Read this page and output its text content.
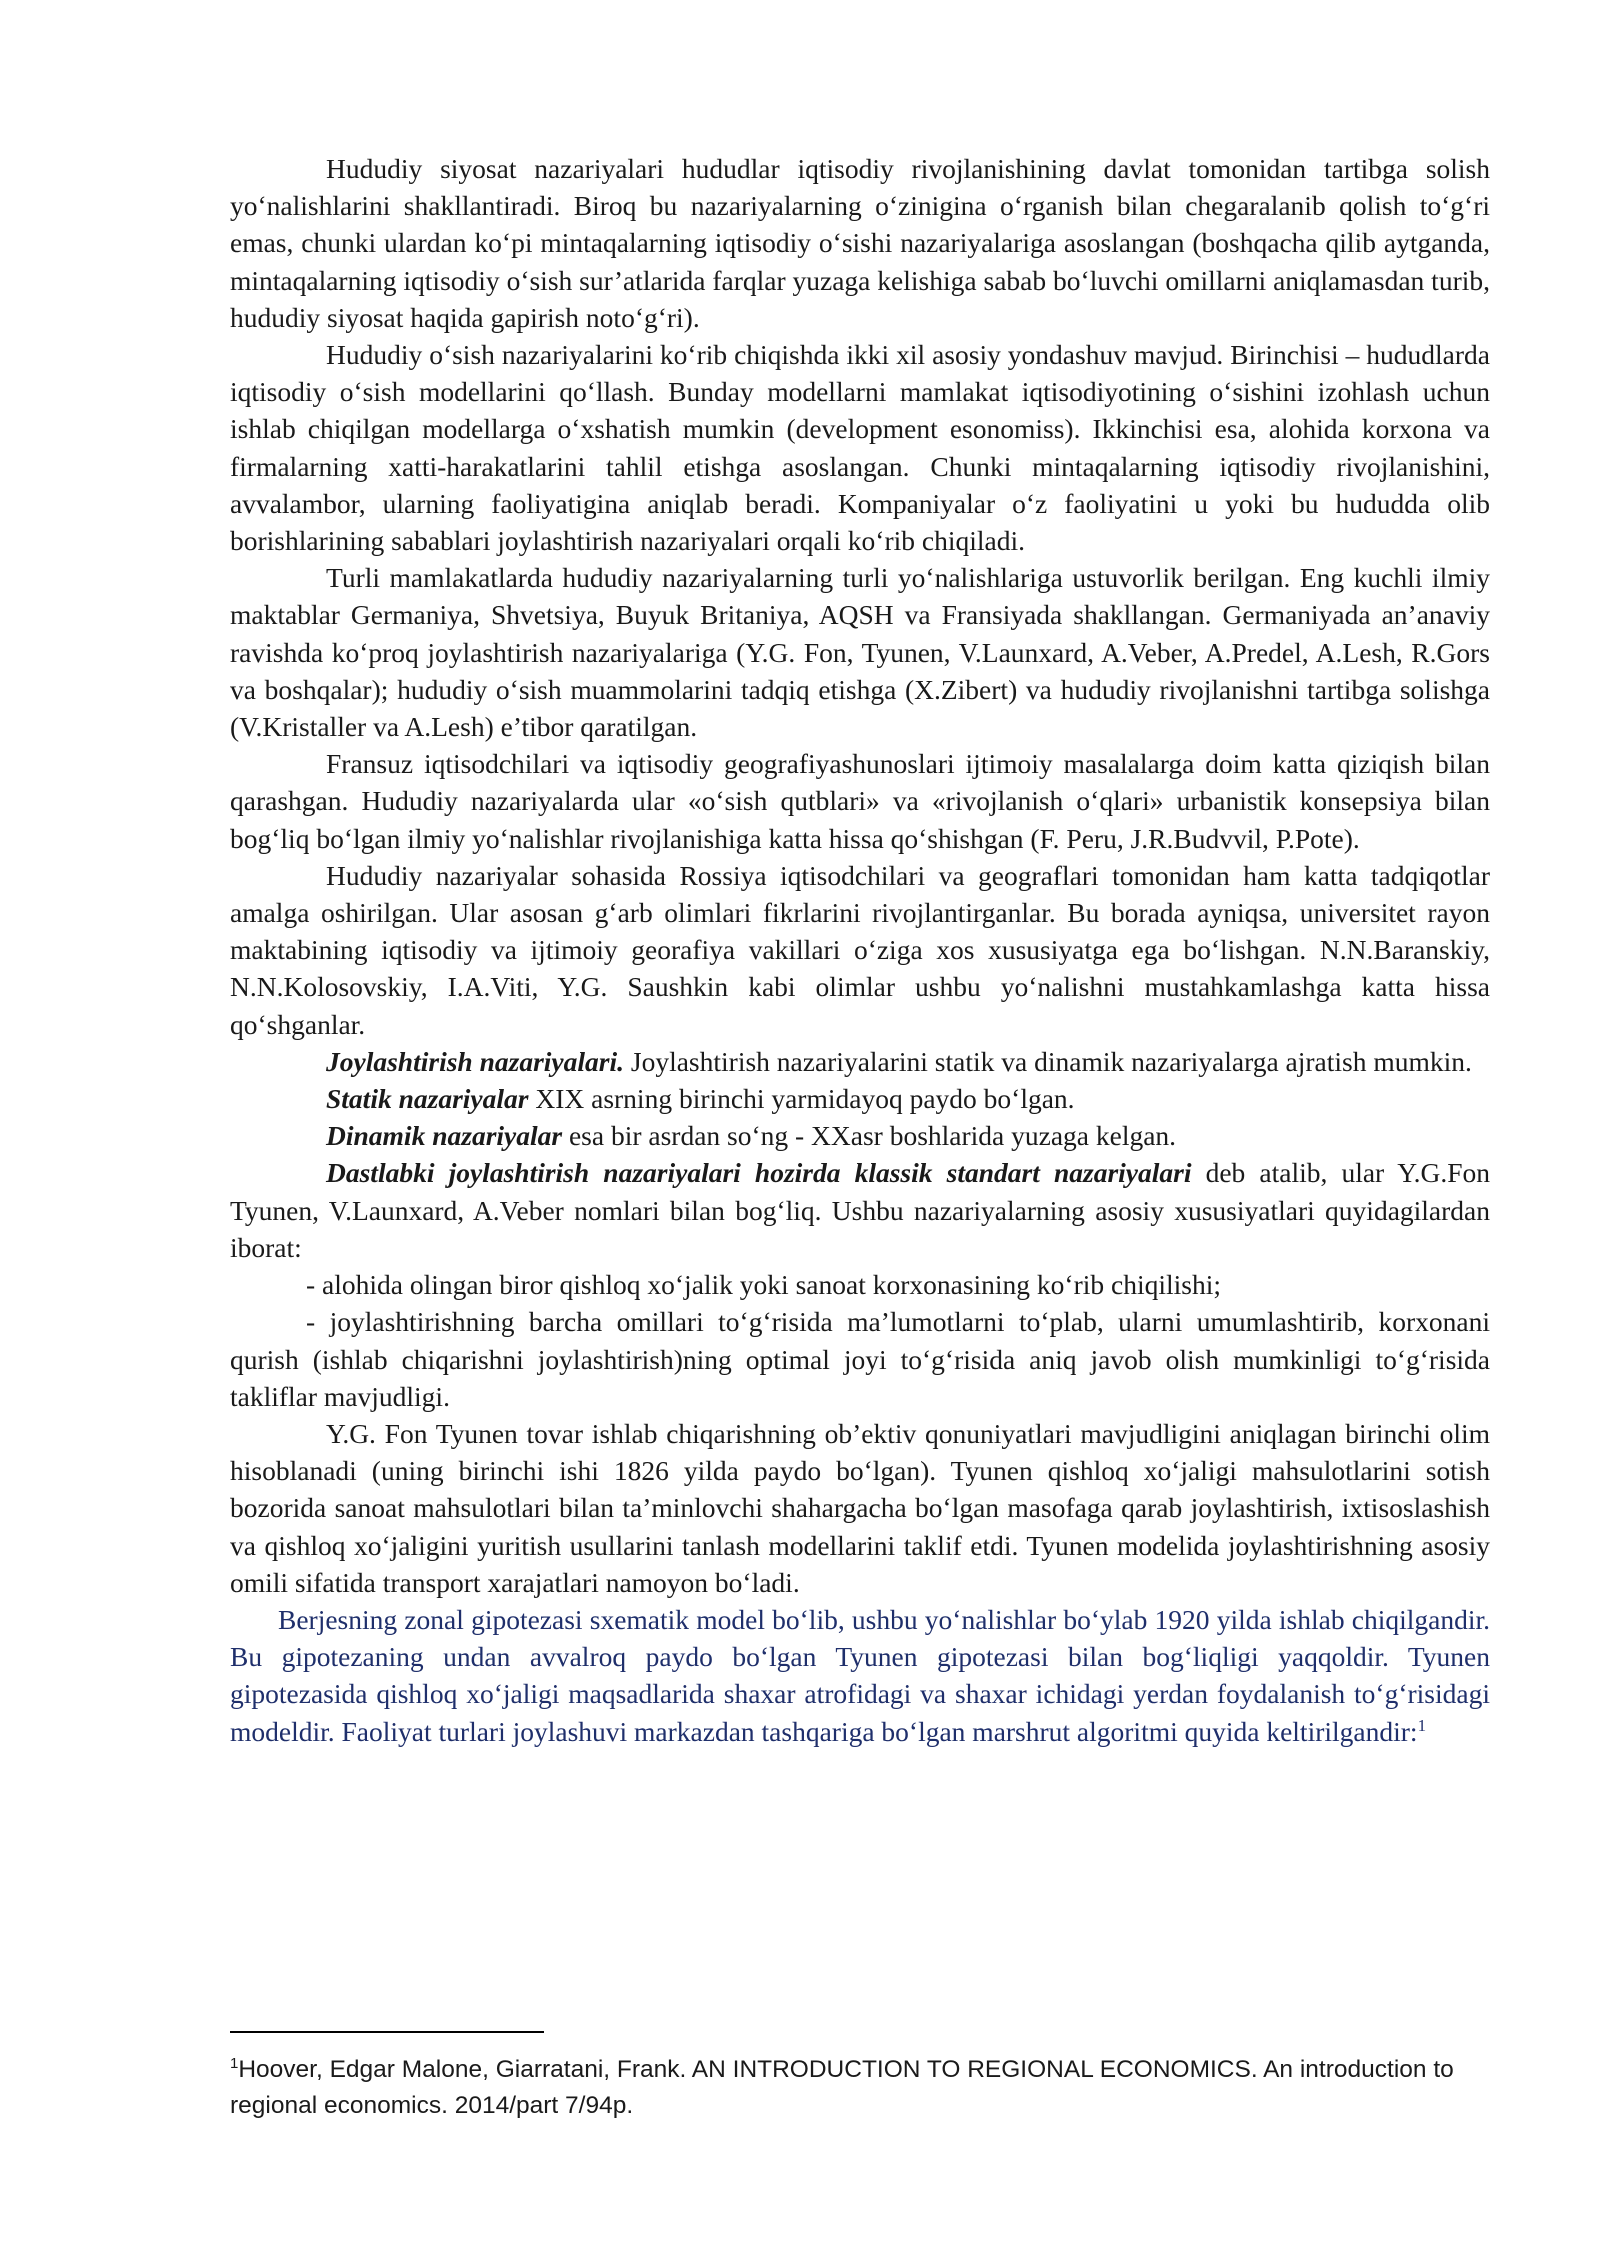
Hududiy siyosat nazariyalari hududlar iqtisodiy rivojlanishining davlat tomonidan tartibga solish yo‘nalishlarini shakllantiradi. Biroq bu nazariyalarning o‘zinigina o‘rganish bilan chegaralanib qolish to‘g‘ri emas, chunki ulardan ko‘pi mintaqalarning iqtisodiy o‘sishi nazariyalariga asoslangan (boshqacha qilib aytganda, mintaqalarning iqtisodiy o‘sish sur’atlarida farqlar yuzaga kelishiga sabab bo‘luvchi omillarni aniqlamasdan turib, hududiy siyosat haqida gapirish noto‘g‘ri).

Hududiy o‘sish nazariyalarini ko‘rib chiqishda ikki xil asosiy yondashuv mavjud. Birinchisi – hududlarda iqtisodiy o‘sish modellarini qo‘llash. Bunday modellarni mamlakat iqtisodiyotining o‘sishini izohlash uchun ishlab chiqilgan modellarga o‘xshatish mumkin (development esonomiss). Ikkinchisi esa, alohida korxona va firmalarning xatti-harakatlarini tahlil etishga asoslangan. Chunki mintaqalarning iqtisodiy rivojlanishini, avvalambor, ularning faoliyatigina aniqlab beradi. Kompaniyalar o‘z faoliyatini u yoki bu hududda olib borishlarining sabablari joylashtirish nazariyalari orqali ko‘rib chiqiladi.

Turli mamlakatlarda hududiy nazariyalarning turli yo‘nalishlariga ustuvorlik berilgan. Eng kuchli ilmiy maktablar Germaniya, Shvetsiya, Buyuk Britaniya, AQSH va Fransiyada shakllangan. Germaniyada an’anaviy ravishda ko‘proq joylashtirish nazariyalariga (Y.G. Fon, Tyunen, V.Launxard, A.Veber, A.Predel, A.Lesh, R.Gors va boshqalar); hududiy o‘sish muammolarini tadqiq etishga (X.Zibert) va hududiy rivojlanishni tartibga solishga (V.Kristaller va A.Lesh) e’tibor qaratilgan.

Fransuz iqtisodchilari va iqtisodiy geografiyashunoslari ijtimoiy masalalarga doim katta qiziqish bilan qarashgan. Hududiy nazariyalarda ular «o‘sish qutblari» va «rivojlanish o‘qlari» urbanistik konsepsiya bilan bog‘liq bo‘lgan ilmiy yo‘nalishlar rivojlanishiga katta hissa qo‘shishgan (F. Peru, J.R.Budvvil, P.Pote).

Hududiy nazariyalar sohasida Rossiya iqtisodchilari va geograflari tomonidan ham katta tadqiqotlar amalga oshirilgan. Ular asosan g‘arb olimlari fikrlarini rivojlantirganlar. Bu borada ayniqsa, universitet rayon maktabining iqtisodiy va ijtimoiy georafiya vakillari o‘ziga xos xususiyatga ega bo‘lishgan. N.N.Baranskiy, N.N.Kolosovskiy, I.A.Viti, Y.G. Saushkin kabi olimlar ushbu yo‘nalishni mustahkamlashga katta hissa qo‘shganlar.

Joylashtirish nazariyalari. Joylashtirish nazariyalarini statik va dinamik nazariyalarga ajratish mumkin.

Statik nazariyalar XIX asrning birinchi yarmidayoq paydo bo‘lgan.

Dinamik nazariyalar esa bir asrdan so‘ng - XXasr boshlarida yuzaga kelgan.

Dastlabki joylashtirish nazariyalari hozirda klassik standart nazariyalari deb atalib, ular Y.G.Fon Tyunen, V.Launxard, A.Veber nomlari bilan bog‘liq. Ushbu nazariyalarning asosiy xususiyatlari quyidagilardan iborat:

- alohida olingan biror qishloq xo‘jalik yoki sanoat korxonasining ko‘rib chiqilishi;

- joylashtirishning barcha omillari to‘g‘risida ma’lumotlarni to‘plab, ularni umumlashtirib, korxonani qurish (ishlab chiqarishni joylashtirish)ning optimal joyi to‘g‘risida aniq javob olish mumkinligi to‘g‘risida takliflar mavjudligi.

Y.G. Fon Tyunen tovar ishlab chiqarishning ob’ektiv qonuniyatlari mavjudligini aniqlagan birinchi olim hisoblanadi (uning birinchi ishi 1826 yilda paydo bo‘lgan). Tyunen qishloq xo‘jaligi mahsulotlarini sotish bozorida sanoat mahsulotlari bilan ta’minlovchi shahargacha bo‘lgan masofaga qarab joylashtirish, ixtisoslashish va qishloq xo‘jaligini yuritish usullarini tanlash modellarini taklif etdi. Tyunen modelida joylashtirishning asosiy omili sifatida transport xarajatlari namoyon bo‘ladi.

Berjesning zonal gipotezasi sxematik model bo‘lib, ushbu yo‘nalishlar bo‘ylab 1920 yilda ishlab chiqilgandir. Bu gipotezaning undan avvalroq paydo bo‘lgan Tyunen gipotezasi bilan bog‘liqligi yaqqoldir. Tyunen gipotezasida qishloq xo‘jaligi maqsadlarida shaxar atrofidagi va shaxar ichidagi yerdan foydalanish to‘g‘risidagi modeldir. Faoliyat turlari joylashuvi markazdan tashqariga bo‘lgan marshrut algoritmi quyida keltirilgandir:$^1$

$^1$Hoover, Edgar Malone, Giarratani, Frank. AN INTRODUCTION TO REGIONAL ECONOMICS. An introduction to regional economics. 2014/part 7/94p.
